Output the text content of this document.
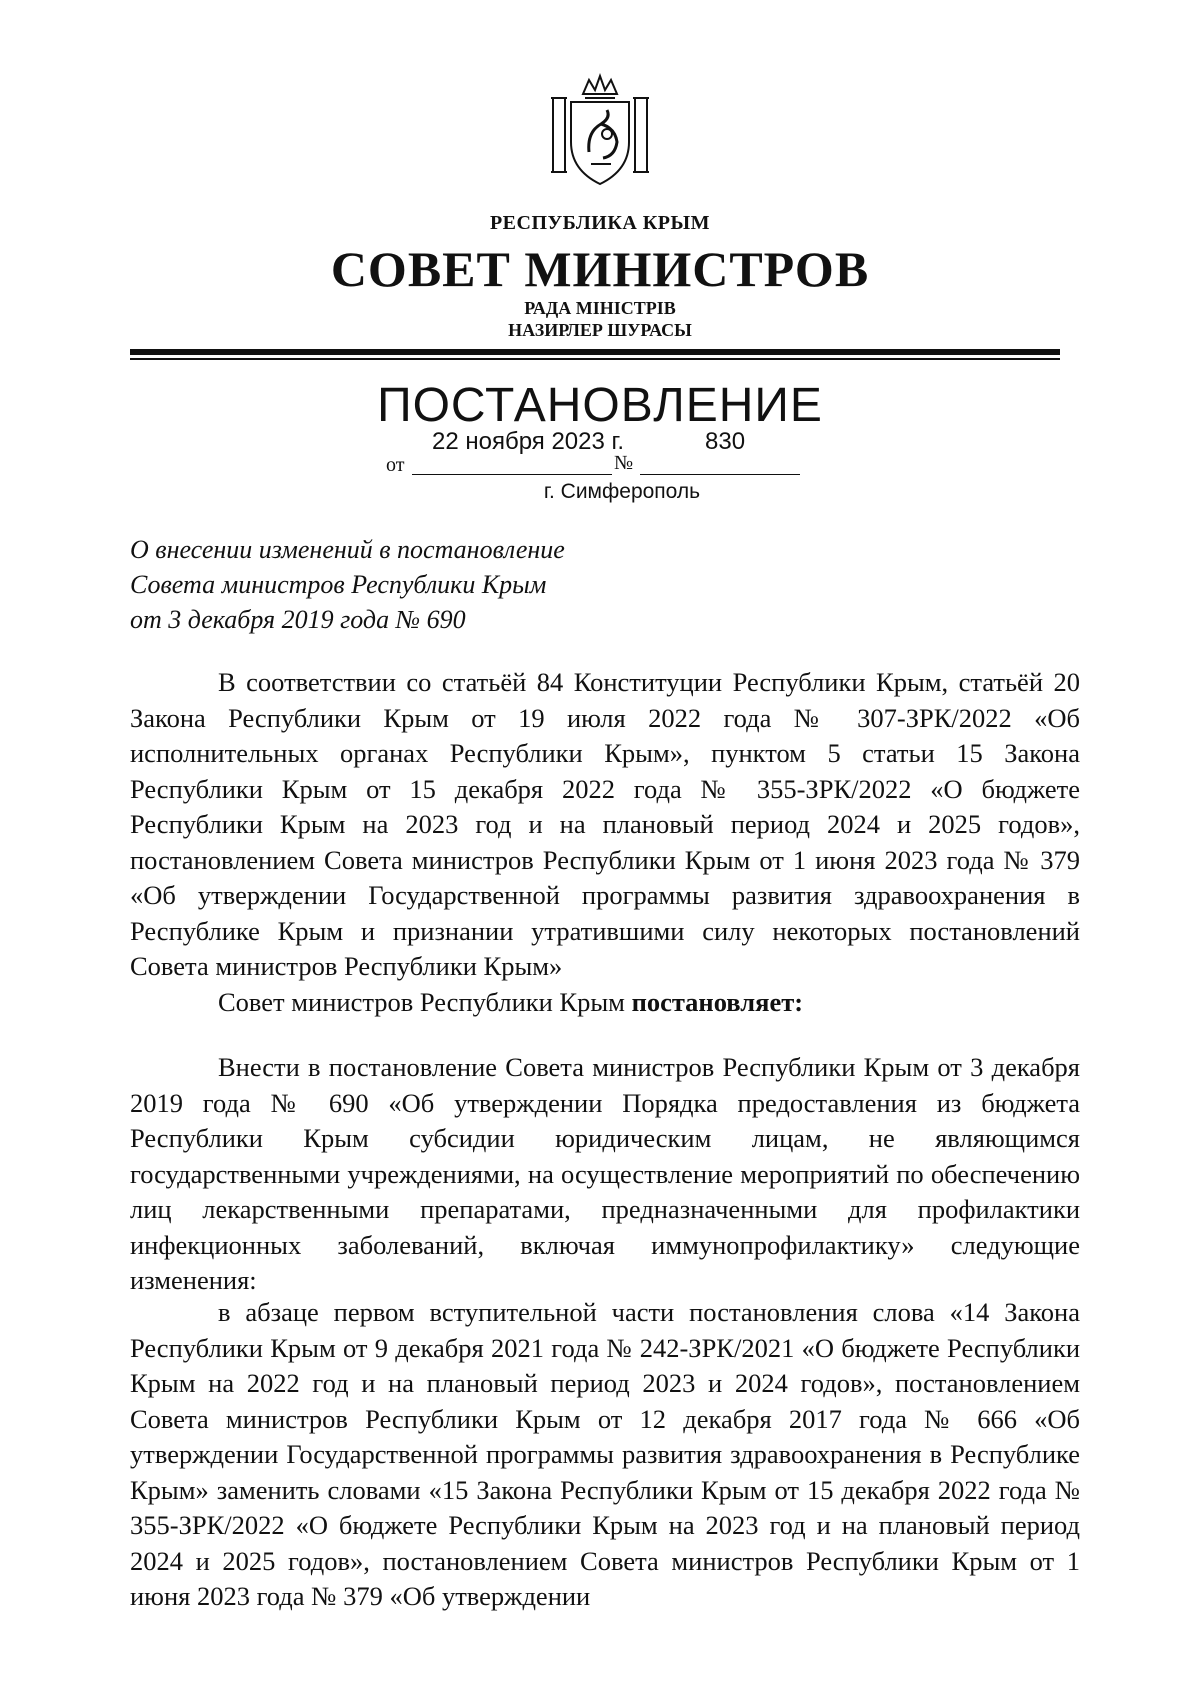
РЕСПУБЛИКА КРЫМ
СОВЕТ МИНИСТРОВ
РАДА МІНІСТРІВ
НАЗИРЛЕР ШУРАСЫ
ПОСТАНОВЛЕНИЕ
от	№
22 ноября 2023 г.	830
г. Симферополь
О внесении изменений в постановление
Совета министров Республики Крым
от 3 декабря 2019 года № 690

В соответствии со статьёй 84 Конституции Республики Крым, статьёй 20 Закона Республики Крым от 19 июля 2022 года № 307-ЗРК/2022 «Об исполнительных органах Республики Крым», пунктом 5 статьи 15 Закона Республики Крым от 15 декабря 2022 года № 355-ЗРК/2022 «О бюджете Республики Крым на 2023 год и на плановый период 2024 и 2025 годов», постановлением Совета министров Республики Крым от 1 июня 2023 года № 379 «Об утверждении Государственной программы развития здравоохранения в Республике Крым и признании утратившими силу некоторых постановлений Совета министров Республики Крым»

Совет министров Республики Крым постановляет:

Внести в постановление Совета министров Республики Крым от 3 декабря 2019 года № 690 «Об утверждении Порядка предоставления из бюджета Республики Крым субсидии юридическим лицам, не являющимся государственными учреждениями, на осуществление мероприятий по обеспечению лиц лекарственными препаратами, предназначенными для профилактики инфекционных заболеваний, включая иммунопрофилактику» следующие изменения:

в абзаце первом вступительной части постановления слова «14 Закона Республики Крым от 9 декабря 2021 года № 242-ЗРК/2021 «О бюджете Республики Крым на 2022 год и на плановый период 2023 и 2024 годов», постановлением Совета министров Республики Крым от 12 декабря 2017 года № 666 «Об утверждении Государственной программы развития здравоохранения в Республике Крым» заменить словами «15 Закона Республики Крым от 15 декабря 2022 года № 355-ЗРК/2022 «О бюджете Республики Крым на 2023 год и на плановый период 2024 и 2025 годов», постановлением Совета министров Республики Крым от 1 июня 2023 года № 379 «Об утверждении
